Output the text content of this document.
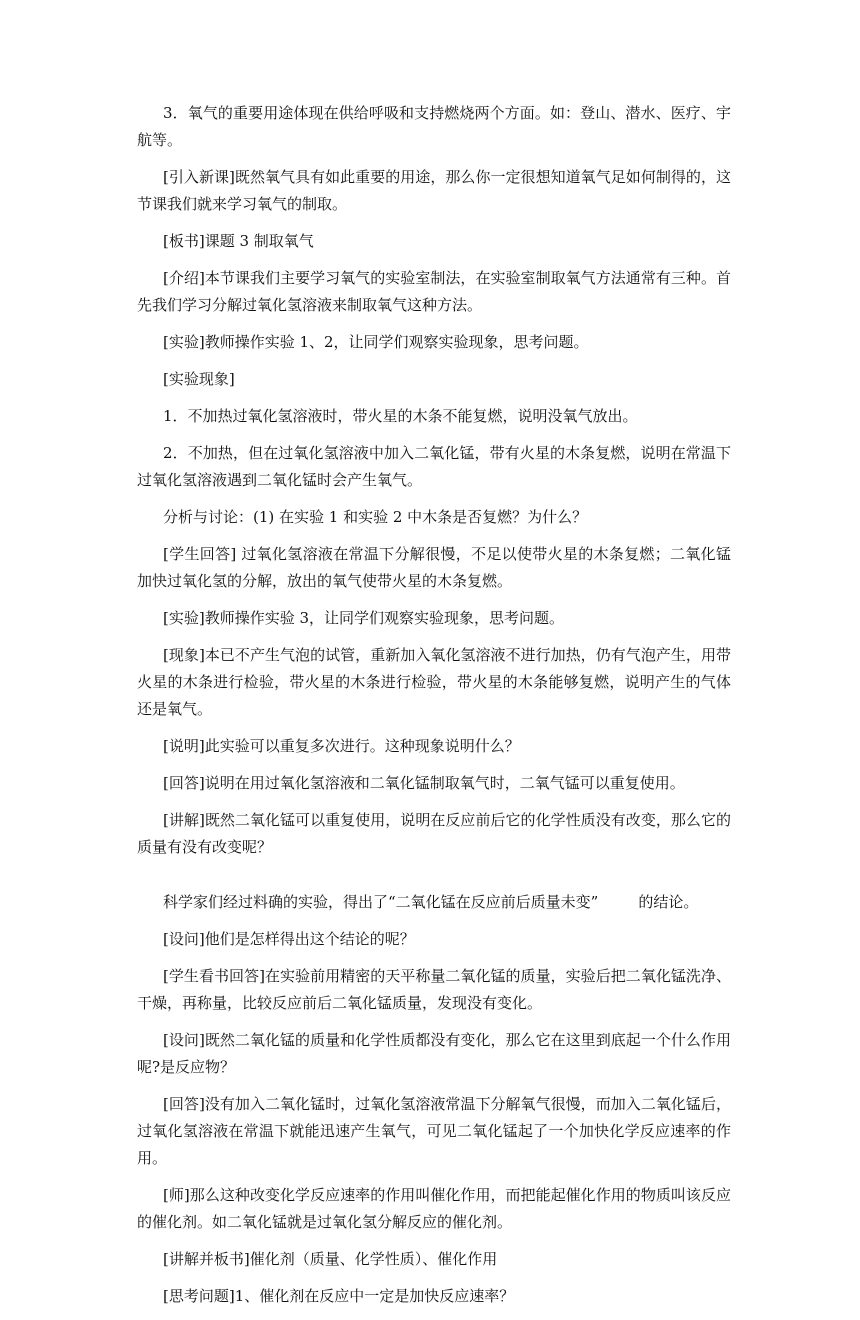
3．氧气的重要用途体现在供给呼吸和支持燃烧两个方面。如：登山、潜水、医疗、宇航等。

[引入新课]既然氧气具有如此重要的用途，那么你一定很想知道氧气足如何制得的，这节课我们就来学习氧气的制取。

[板书]课题 3 制取氧气

[介绍]本节课我们主要学习氧气的实验室制法，在实验室制取氧气方法通常有三种。首先我们学习分解过氧化氢溶液来制取氧气这种方法。

[实验]教师操作实验 1、2，让同学们观察实验现象，思考问题。

[实验现象]

1．不加热过氧化氢溶液时，带火星的木条不能复燃，说明没氧气放出。

2．不加热，但在过氧化氢溶液中加入二氧化锰，带有火星的木条复燃，说明在常温下过氧化氢溶液遇到二氧化锰时会产生氧气。

分析与讨论：(1) 在实验 1 和实验 2 中木条是否复燃？为什么？

[学生回答] 过氧化氢溶液在常温下分解很慢，不足以使带火星的木条复燃；二氧化锰加快过氧化氢的分解，放出的氧气使带火星的木条复燃。

[实验]教师操作实验 3，让同学们观察实验现象，思考问题。

[现象]本已不产生气泡的试管，重新加入氧化氢溶液不进行加热，仍有气泡产生，用带火星的木条进行检验，带火星的木条进行检验，带火星的木条能够复燃，说明产生的气体还是氧气。

[说明]此实验可以重复多次进行。这种现象说明什么？

[回答]说明在用过氧化氢溶液和二氧化锰制取氧气时，二氧气锰可以重复使用。

[讲解]既然二氧化锰可以重复使用，说明在反应前后它的化学性质没有改变，那么它的质量有没有改变呢？

科学家们经过料确的实验，得出了“二氧化锰在反应前后质量未变”	的结论。

[设问]他们是怎样得出这个结论的呢？

[学生看书回答]在实验前用精密的天平称量二氧化锰的质量，实验后把二氧化锰洗净、干燥，再称量，比较反应前后二氧化锰质量，发现没有变化。

[设问]既然二氧化锰的质量和化学性质都没有变化，那么它在这里到底起一个什么作用呢?是反应物？

[回答]没有加入二氧化锰时，过氧化氢溶液常温下分解氧气很慢，而加入二氧化锰后，过氧化氢溶液在常温下就能迅速产生氧气，可见二氧化锰起了一个加快化学反应速率的作用。

[师]那么这种改变化学反应速率的作用叫催化作用，而把能起催化作用的物质叫该反应的催化剂。如二氧化锰就是过氧化氢分解反应的催化剂。

[讲解并板书]催化剂（质量、化学性质）、催化作用

[思考问题]1、催化剂在反应中一定是加快反应速率？
